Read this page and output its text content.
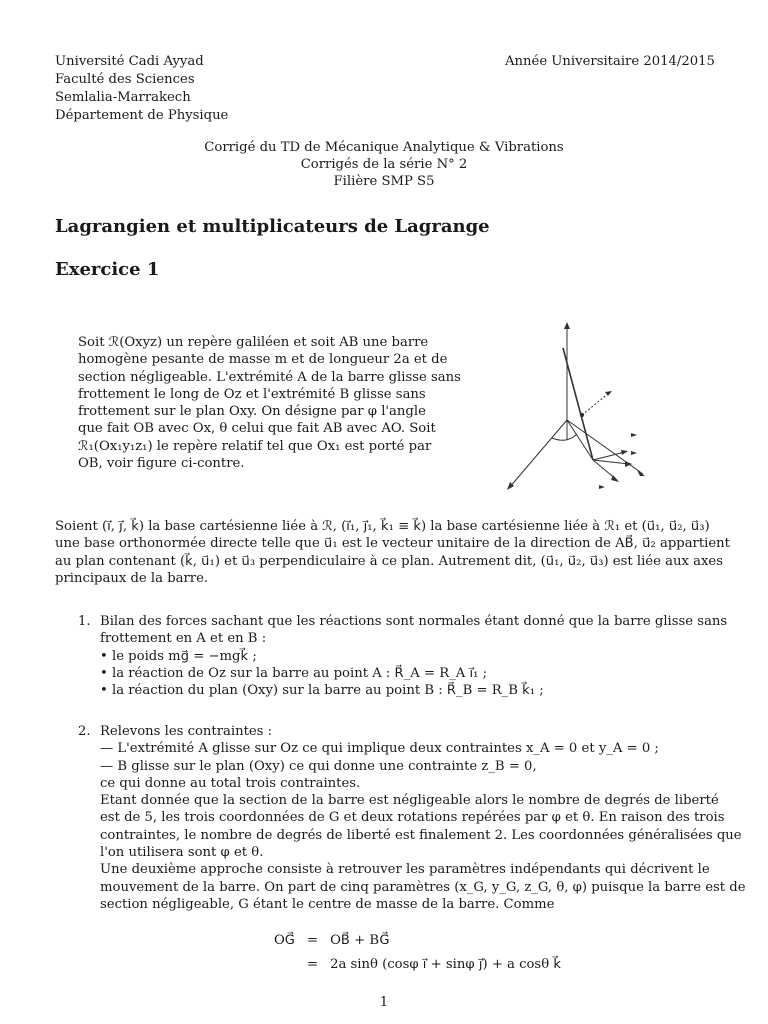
Université Cadi Ayyad
Faculté des Sciences
Semlalia-Marrakech
Département de Physique
Année Universitaire 2014/2015
Corrigé du TD de Mécanique Analytique & Vibrations
Corrigés de la série N° 2
Filière SMP S5
Lagrangien et multiplicateurs de Lagrange
Exercice 1
Soit ℛ(Oxyz) un repère galiléen et soit AB une barre
homogène pesante de masse m et de longueur 2a et de
section négligeable. L'extrémité A de la barre glisse sans
frottement le long de Oz et l'extrémité B glisse sans
frottement sur le plan Oxy. On désigne par φ l'angle
que fait OB avec Ox, θ celui que fait AB avec AO. Soit
ℛ₁(Ox₁y₁z₁) le repère relatif tel que Ox₁ est porté par
OB, voir figure ci-contre.
Soient (i⃗, j⃗, k⃗) la base cartésienne liée à ℛ, (i⃗₁, j⃗₁, k⃗₁ ≡ k⃗) la base cartésienne liée à ℛ₁ et (u⃗₁, u⃗₂, u⃗₃)
une base orthonormée directe telle que u⃗₁ est le vecteur unitaire de la direction de AB⃗, u⃗₂ appartient
au plan contenant (k⃗, u⃗₁) et u⃗₃ perpendiculaire à ce plan. Autrement dit, (u⃗₁, u⃗₂, u⃗₃) est liée aux axes
principaux de la barre.
1. Bilan des forces sachant que les réactions sont normales étant donné que la barre glisse sans
frottement en A et en B :
• le poids mg⃗ = −mgk⃗ ;
• la réaction de Oz sur la barre au point A : R⃗_A = R_A i⃗₁ ;
• la réaction du plan (Oxy) sur la barre au point B : R⃗_B = R_B k⃗₁ ;
2. Relevons les contraintes :
— L'extrémité A glisse sur Oz ce qui implique deux contraintes x_A = 0 et y_A = 0 ;
— B glisse sur le plan (Oxy) ce qui donne une contrainte z_B = 0,
ce qui donne au total trois contraintes.
Etant donnée que la section de la barre est négligeable alors le nombre de degrés de liberté
est de 5, les trois coordonnées de G et deux rotations repérées par φ et θ. En raison des trois
contraintes, le nombre de degrés de liberté est finalement 2. Les coordonnées généralisées que
l'on utilisera sont φ et θ.
Une deuxième approche consiste à retrouver les paramètres indépendants qui décrivent le
mouvement de la barre. On part de cinq paramètres (x_G, y_G, z_G, θ, φ) puisque la barre est de
section négligeable, G étant le centre de masse de la barre. Comme
OG⃗	=	OB⃗ + BG⃗
	=	2a sinθ (cosφ i⃗ + sinφ j⃗) + a cosθ k⃗
1
